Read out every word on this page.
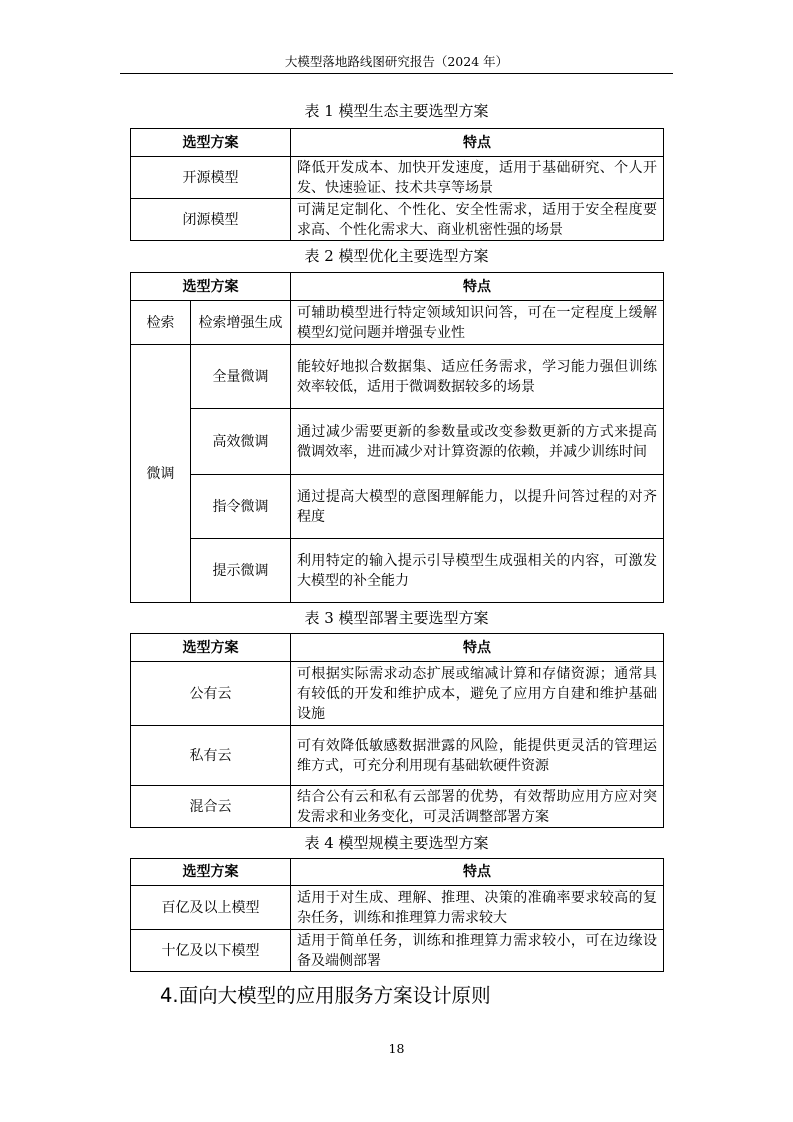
大模型落地路线图研究报告（2024 年）
表 1 模型生态主要选型方案
选型方案	特点
开源模型	降低开发成本、加快开发速度，适用于基础研究、个人开发、快速验证、技术共享等场景
闭源模型	可满足定制化、个性化、安全性需求，适用于安全程度要求高、个性化需求大、商业机密性强的场景
表 2 模型优化主要选型方案
选型方案		特点
检索	检索增强生成	可辅助模型进行特定领域知识问答，可在一定程度上缓解模型幻觉问题并增强专业性
微调	全量微调	能较好地拟合数据集、适应任务需求，学习能力强但训练效率较低，适用于微调数据较多的场景
	高效微调	通过减少需要更新的参数量或改变参数更新的方式来提高微调效率，进而减少对计算资源的依赖，并减少训练时间
	指令微调	通过提高大模型的意图理解能力，以提升问答过程的对齐程度
	提示微调	利用特定的输入提示引导模型生成强相关的内容，可激发大模型的补全能力
表 3 模型部署主要选型方案
选型方案	特点
公有云	可根据实际需求动态扩展或缩减计算和存储资源；通常具有较低的开发和维护成本，避免了应用方自建和维护基础设施
私有云	可有效降低敏感数据泄露的风险，能提供更灵活的管理运维方式，可充分利用现有基础软硬件资源
混合云	结合公有云和私有云部署的优势，有效帮助应用方应对突发需求和业务变化，可灵活调整部署方案
表 4 模型规模主要选型方案
选型方案	特点
百亿及以上模型	适用于对生成、理解、推理、决策的准确率要求较高的复杂任务，训练和推理算力需求较大
十亿及以下模型	适用于简单任务，训练和推理算力需求较小，可在边缘设备及端侧部署
4.面向大模型的应用服务方案设计原则
18
